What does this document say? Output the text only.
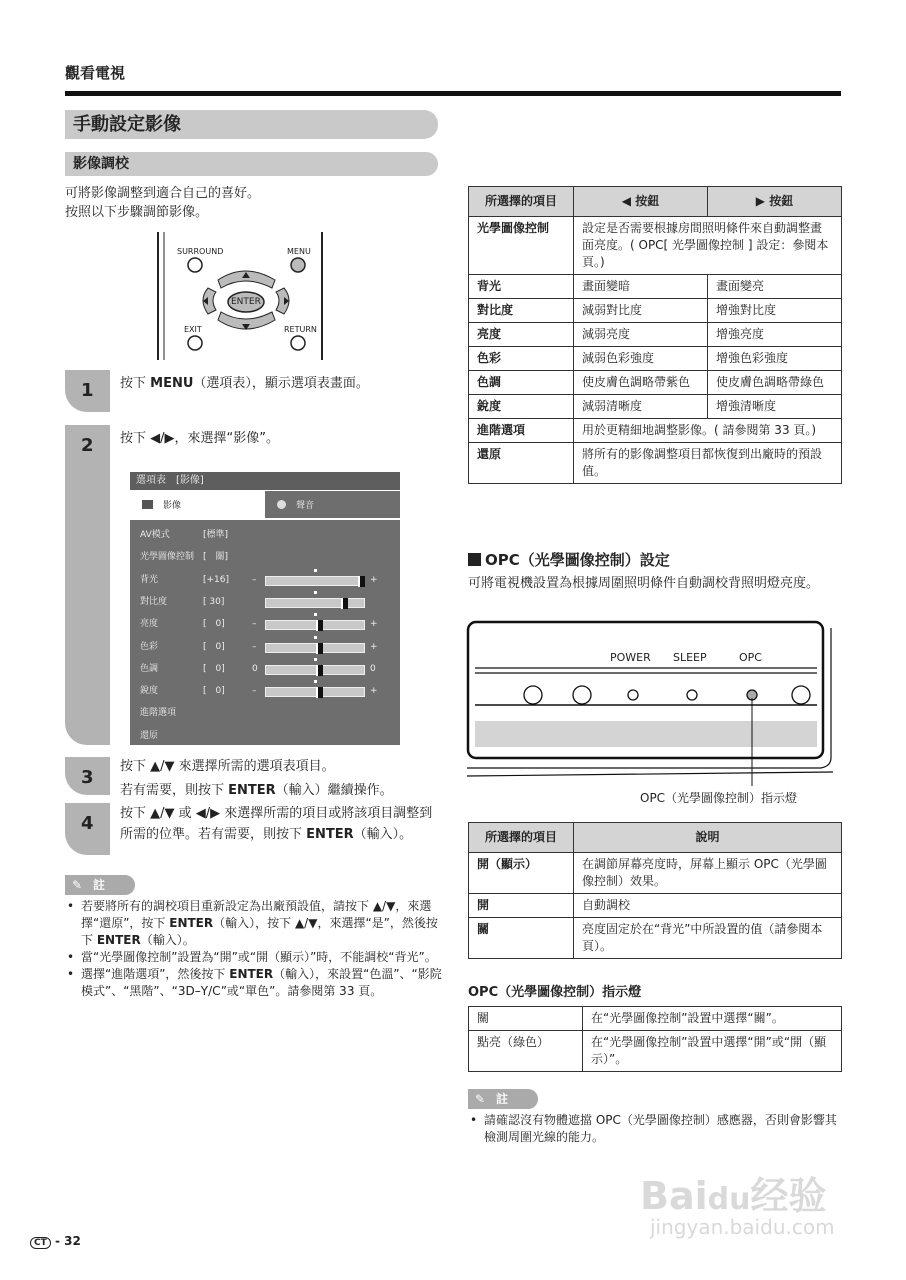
觀看電視
手動設定影像
影像調校
可將影像調整到適合自己的喜好。
按照以下步驟調節影像。
SURROUND	MENU
ENTER
EXIT	RETURN
1	按下 MENU（選項表），顯示選項表畫面。
2	按下 ◀/▶，來選擇“影像”。
3
按下 ▲/▼ 來選擇所需的選項表項目。
若有需要，則按下 ENTER（輸入）繼續操作。
4	按下 ▲/▼ 或 ◀/▶ 來選擇所需的項目或將該項目調整到所需的位準。若有需要，則按下 ENTER（輸入）。
選項表　[影像]
影像	聲音
AV模式	[標準]
光學圖像控制 [　關]
背光	[+16]	–	+
對比度	[ 30]
亮度	[　0]	–	+
色彩	[　0]	–	+
色調	[　0]	0	0
銳度	[　0]	–	+
進階選項
還原
✎ 註
• 若要將所有的調校項目重新設定為出廠預設值，請按下 ▲/▼，來選擇“還原”，按下 ENTER（輸入），按下 ▲/▼，來選擇“是”，然後按下 ENTER（輸入）。
• 當“光學圖像控制”設置為“開”或“開（顯示）”時，不能調校“背光”。
• 選擇“進階選項”，然後按下 ENTER（輸入），來設置“色溫”、“影院模式”、“黑階”、“3D–Y/C”或“單色”。請參閱第 33 頁。
所選擇的項目	◀ 按鈕	▶ 按鈕
光學圖像控制	設定是否需要根據房間照明條件來自動調整畫面亮度。( OPC[ 光學圖像控制 ] 設定：參閱本頁。)	
背光	畫面變暗	畫面變亮
對比度	減弱對比度	增強對比度
亮度	減弱亮度	增強亮度
色彩	減弱色彩強度	增強色彩強度
色調	使皮膚色調略帶紫色	使皮膚色調略帶綠色
銳度	減弱清晰度	增強清晰度
進階選項	用於更精細地調整影像。( 請參閱第 33 頁。)	
還原	將所有的影像調整項目都恢復到出廠時的預設值。	
OPC（光學圖像控制）設定
可將電視機設置為根據周圍照明條件自動調校背照明燈亮度。
POWER SLEEP	OPC
OPC（光學圖像控制）指示燈
所選擇的項目	說明
開（顯示）	在調節屏幕亮度時，屏幕上顯示 OPC（光學圖像控制）效果。
開	自動調校
關	亮度固定於在“背光”中所設置的值（請參閱本頁）。
OPC（光學圖像控制）指示燈
關	在“光學圖像控制”設置中選擇“關”。
點亮（綠色）	在“光學圖像控制”設置中選擇“開”或“開（顯示）”。
✎ 註
• 請確認沒有物體遮擋 OPC（光學圖像控制）感應器，否則會影響其檢測周圍光線的能力。
CT - 32
Baidu经验
jingyan.baidu.com
